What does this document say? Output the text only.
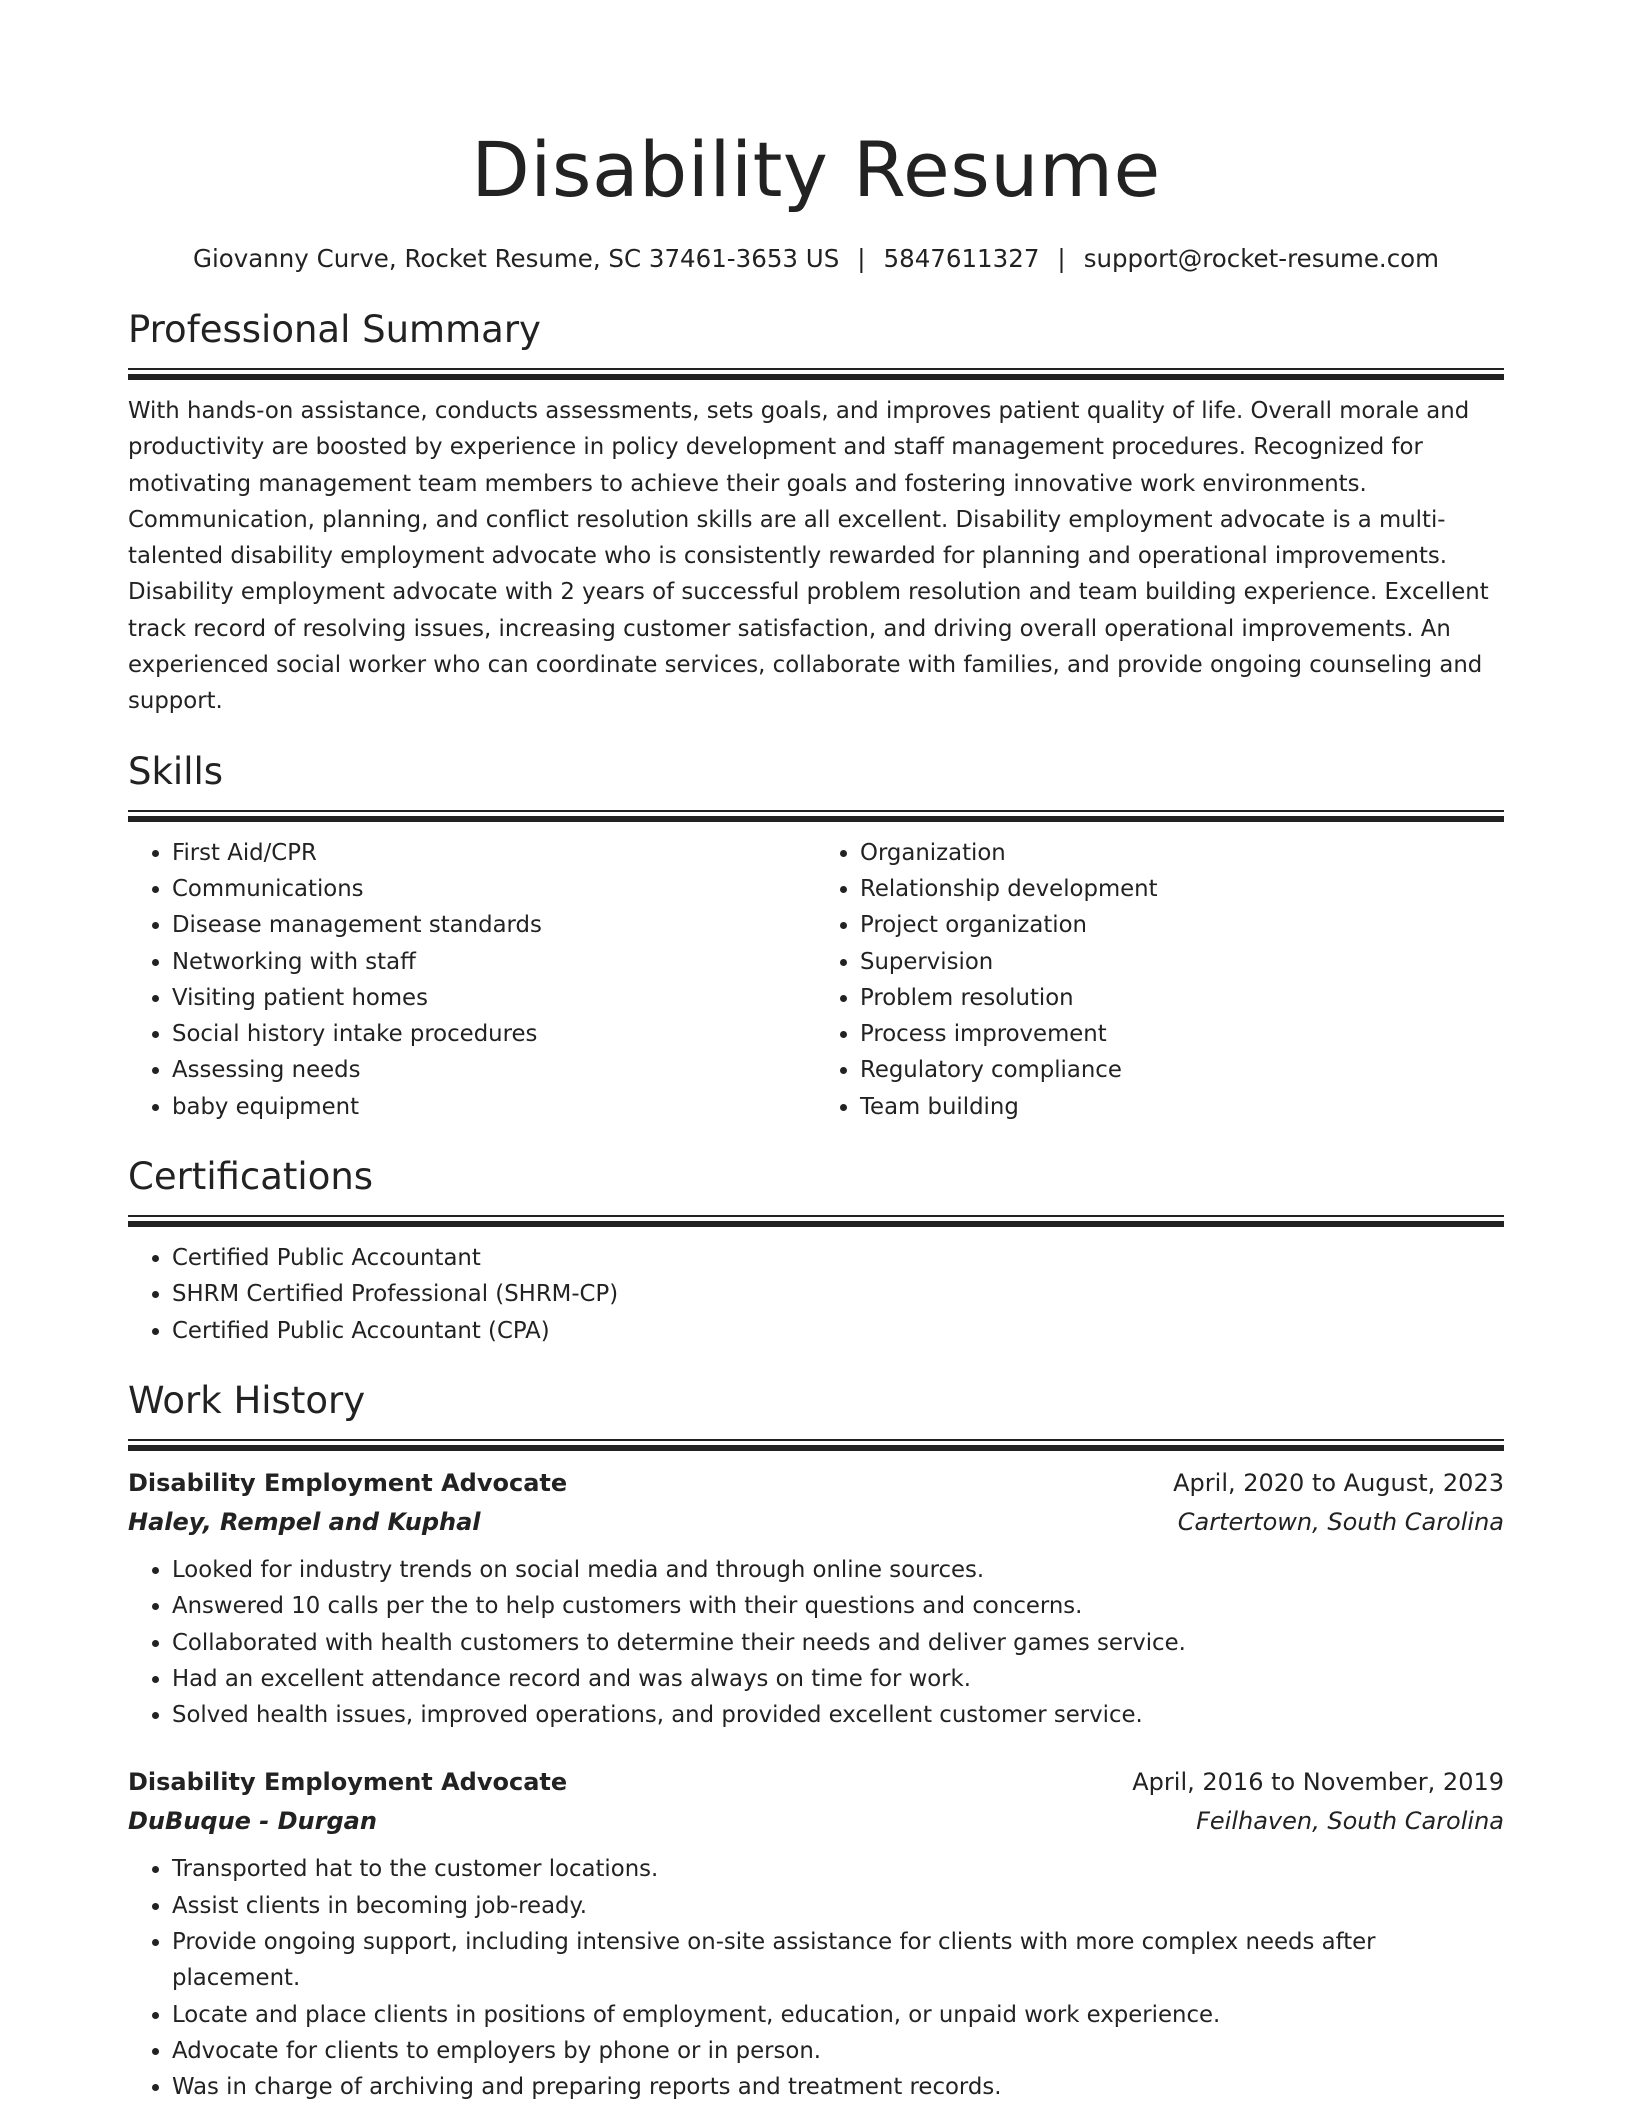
Disability Resume
Giovanny Curve, Rocket Resume, SC 37461-3653 US | 5847611327 | support@rocket-resume.com
Professional Summary

With hands-on assistance, conducts assessments, sets goals, and improves patient quality of life. Overall morale and productivity are boosted by experience in policy development and staff management procedures. Recognized for motivating management team members to achieve their goals and fostering innovative work environments. Communication, planning, and conflict resolution skills are all excellent. Disability employment advocate is a multi-talented disability employment advocate who is consistently rewarded for planning and operational improvements. Disability employment advocate with 2 years of successful problem resolution and team building experience. Excellent track record of resolving issues, increasing customer satisfaction, and driving overall operational improvements. An experienced social worker who can coordinate services, collaborate with families, and provide ongoing counseling and support.

Skills
• First Aid/CPR
• Communications
• Disease management standards
• Networking with staff
• Visiting patient homes
• Social history intake procedures
• Assessing needs
• baby equipment
• Organization
• Relationship development
• Project organization
• Supervision
• Problem resolution
• Process improvement
• Regulatory compliance
• Team building
Certifications
• Certified Public Accountant
• SHRM Certified Professional (SHRM-CP)
• Certified Public Accountant (CPA)
Work History
Disability Employment Advocate	April, 2020 to August, 2023
Haley, Rempel and Kuphal	Cartertown, South Carolina
• Looked for industry trends on social media and through online sources.
• Answered 10 calls per the to help customers with their questions and concerns.
• Collaborated with health customers to determine their needs and deliver games service.
• Had an excellent attendance record and was always on time for work.
• Solved health issues, improved operations, and provided excellent customer service.
Disability Employment Advocate	April, 2016 to November, 2019
DuBuque - Durgan	Feilhaven, South Carolina
• Transported hat to the customer locations.
• Assist clients in becoming job-ready.
• Provide ongoing support, including intensive on-site assistance for clients with more complex needs after placement.
• Locate and place clients in positions of employment, education, or unpaid work experience.
• Advocate for clients to employers by phone or in person.
• Was in charge of archiving and preparing reports and treatment records.
